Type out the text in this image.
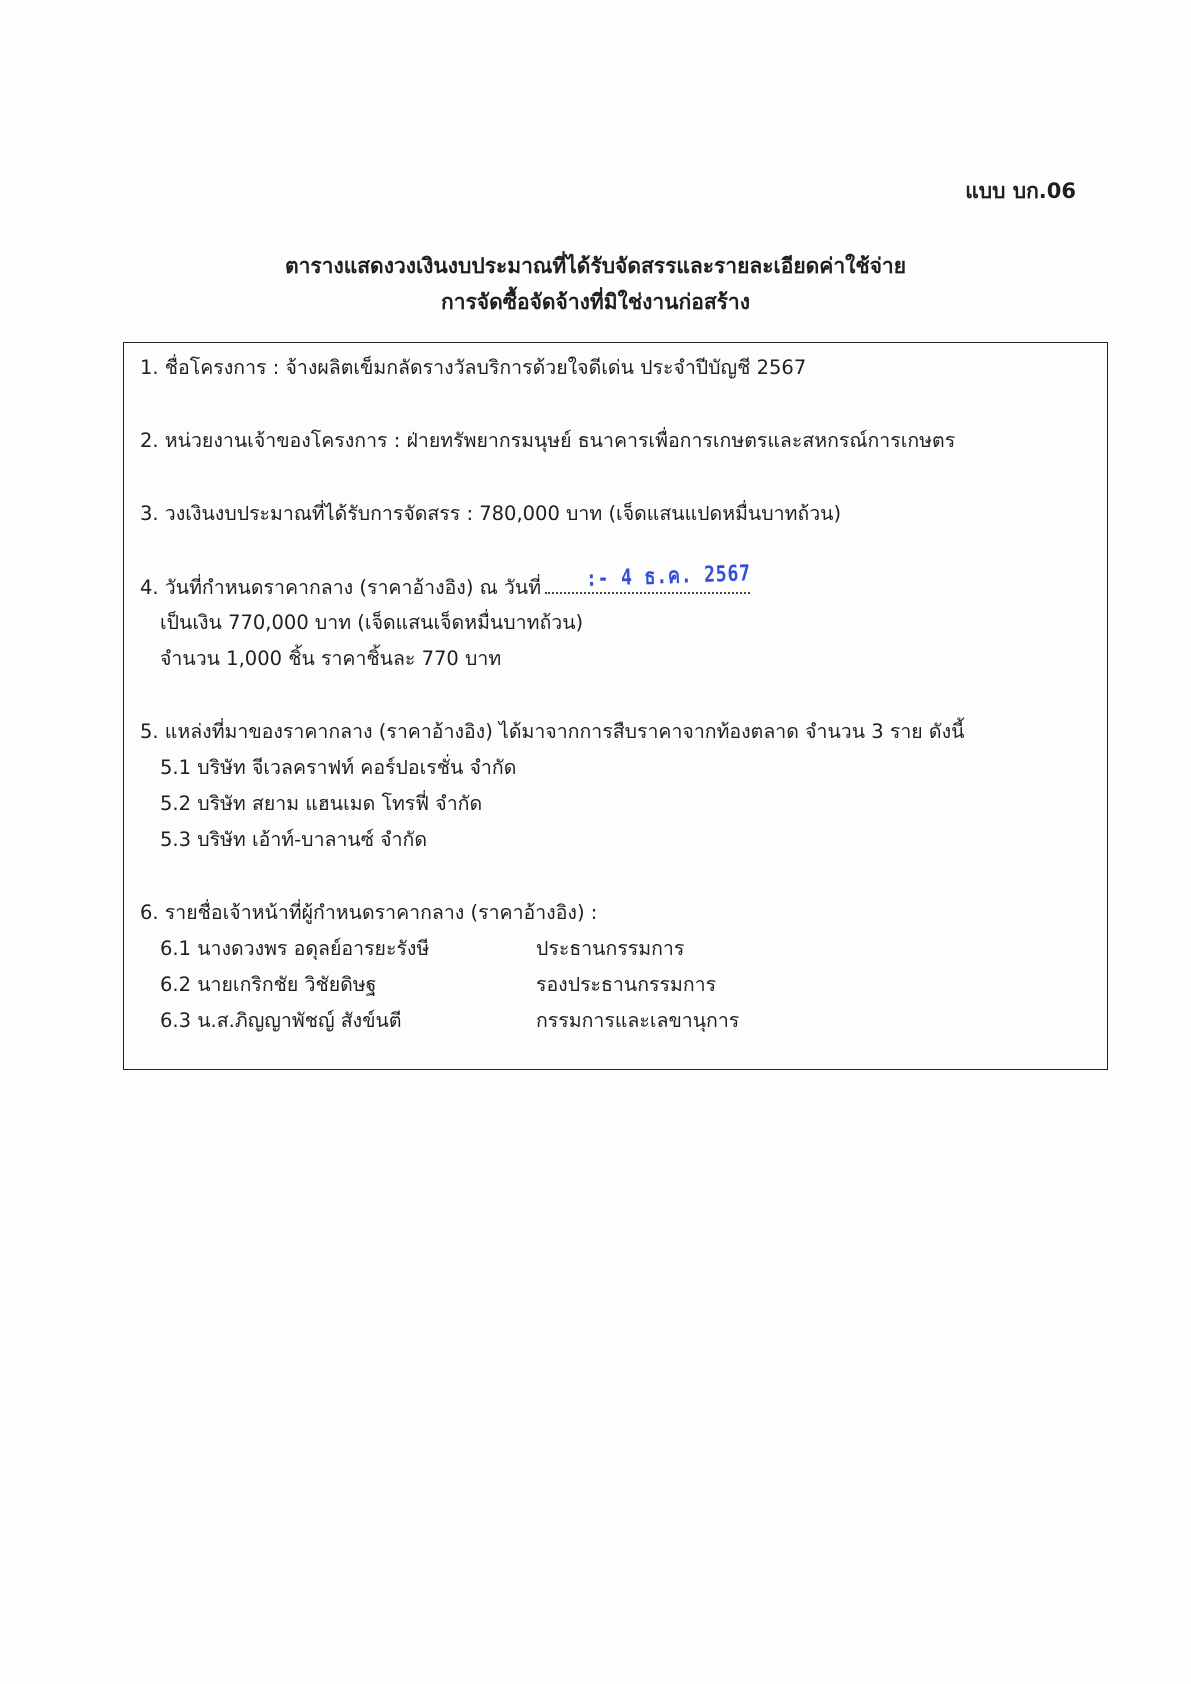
แบบ บก.06

ตารางแสดงวงเงินงบประมาณที่ได้รับจัดสรรและรายละเอียดค่าใช้จ่าย
การจัดซื้อจัดจ้างที่มิใช่งานก่อสร้าง

1. ชื่อโครงการ : จ้างผลิตเข็มกลัดรางวัลบริการด้วยใจดีเด่น ประจำปีบัญชี 2567

2. หน่วยงานเจ้าของโครงการ : ฝ่ายทรัพยากรมนุษย์ ธนาคารเพื่อการเกษตรและสหกรณ์การเกษตร

3. วงเงินงบประมาณที่ได้รับการจัดสรร : 780,000 บาท (เจ็ดแสนแปดหมื่นบาทถ้วน)

4. วันที่กำหนดราคากลาง (ราคาอ้างอิง) ณ วันที่	:- 4 ธ.ค. 2567

เป็นเงิน 770,000 บาท (เจ็ดแสนเจ็ดหมื่นบาทถ้วน)

จำนวน 1,000 ชิ้น ราคาชิ้นละ 770 บาท

5. แหล่งที่มาของราคากลาง (ราคาอ้างอิง) ได้มาจากการสืบราคาจากท้องตลาด จำนวน 3 ราย ดังนี้

5.1 บริษัท จีเวลคราฟท์ คอร์ปอเรชั่น จำกัด

5.2 บริษัท สยาม แฮนเมด โทรฟี่ จำกัด

5.3 บริษัท เอ้าท์-บาลานซ์ จำกัด

6. รายชื่อเจ้าหน้าที่ผู้กำหนดราคากลาง (ราคาอ้างอิง) :

6.1 นางดวงพร อดุลย์อารยะรังษี	ประธานกรรมการ
6.2 นายเกริกชัย วิชัยดิษฐ	รองประธานกรรมการ
6.3 น.ส.ภิญญาพัชญ์ สังข์นตี	กรรมการและเลขานุการ
